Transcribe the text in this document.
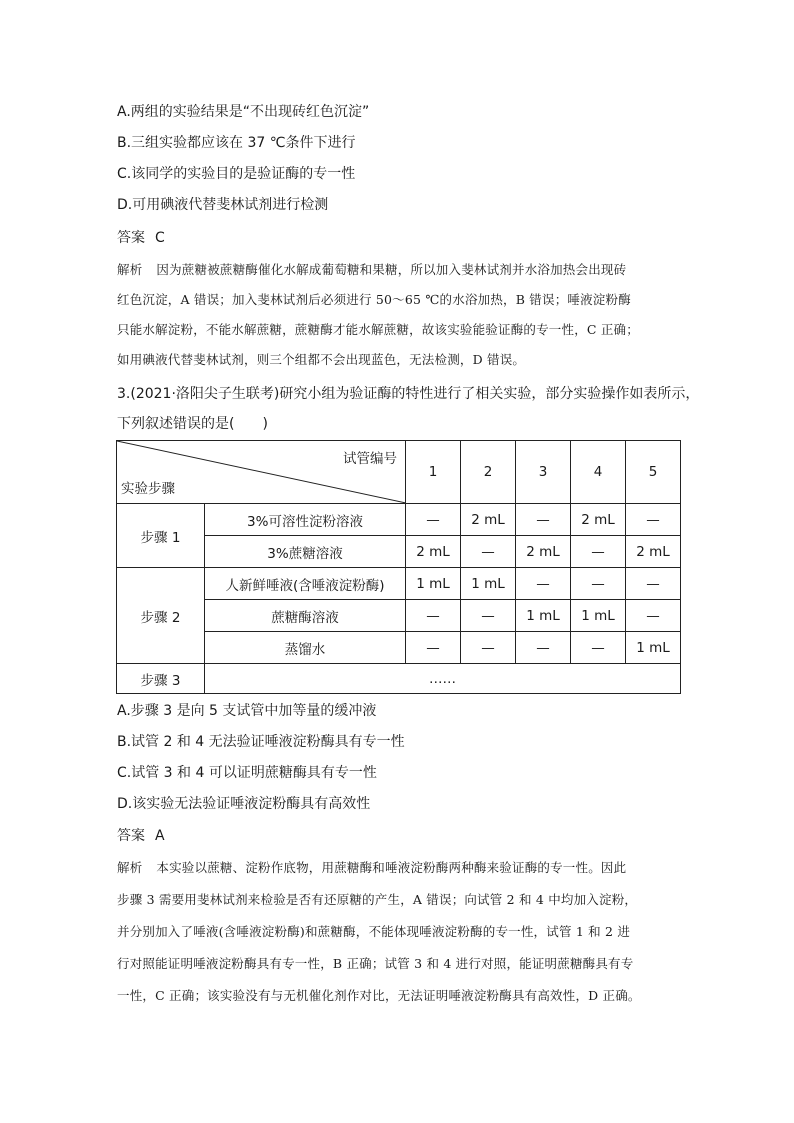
A.两组的实验结果是“不出现砖红色沉淀”
B.三组实验都应该在 37 ℃条件下进行
C.该同学的实验目的是验证酶的专一性
D.可用碘液代替斐林试剂进行检测
答案 C
解析 因为蔗糖被蔗糖酶催化水解成葡萄糖和果糖，所以加入斐林试剂并水浴加热会出现砖
红色沉淀，A 错误；加入斐林试剂后必须进行 50～65 ℃的水浴加热，B 错误；唾液淀粉酶
只能水解淀粉，不能水解蔗糖，蔗糖酶才能水解蔗糖，故该实验能验证酶的专一性，C 正确；
如用碘液代替斐林试剂，则三个组都不会出现蓝色，无法检测，D 错误。
3.(2021·洛阳尖子生联考)研究小组为验证酶的特性进行了相关实验，部分实验操作如表所示，
下列叙述错误的是(　　)
试管编号
实验步骤		1	2	3	4	5
步骤 1	3%可溶性淀粉溶液	—	2 mL	—	2 mL	—
	3%蔗糖溶液	2 mL	—	2 mL	—	2 mL
步骤 2	人新鲜唾液(含唾液淀粉酶)	1 mL	1 mL	—	—	—
	蔗糖酶溶液	—	—	1 mL	1 mL	—
	蒸馏水	—	—	—	—	1 mL
步骤 3	……					
A.步骤 3 是向 5 支试管中加等量的缓冲液
B.试管 2 和 4 无法验证唾液淀粉酶具有专一性
C.试管 3 和 4 可以证明蔗糖酶具有专一性
D.该实验无法验证唾液淀粉酶具有高效性
答案 A
解析 本实验以蔗糖、淀粉作底物，用蔗糖酶和唾液淀粉酶两种酶来验证酶的专一性。因此
步骤 3 需要用斐林试剂来检验是否有还原糖的产生，A 错误；向试管 2 和 4 中均加入淀粉，
并分别加入了唾液(含唾液淀粉酶)和蔗糖酶，不能体现唾液淀粉酶的专一性，试管 1 和 2 进
行对照能证明唾液淀粉酶具有专一性，B 正确；试管 3 和 4 进行对照，能证明蔗糖酶具有专
一性，C 正确；该实验没有与无机催化剂作对比，无法证明唾液淀粉酶具有高效性，D 正确。
